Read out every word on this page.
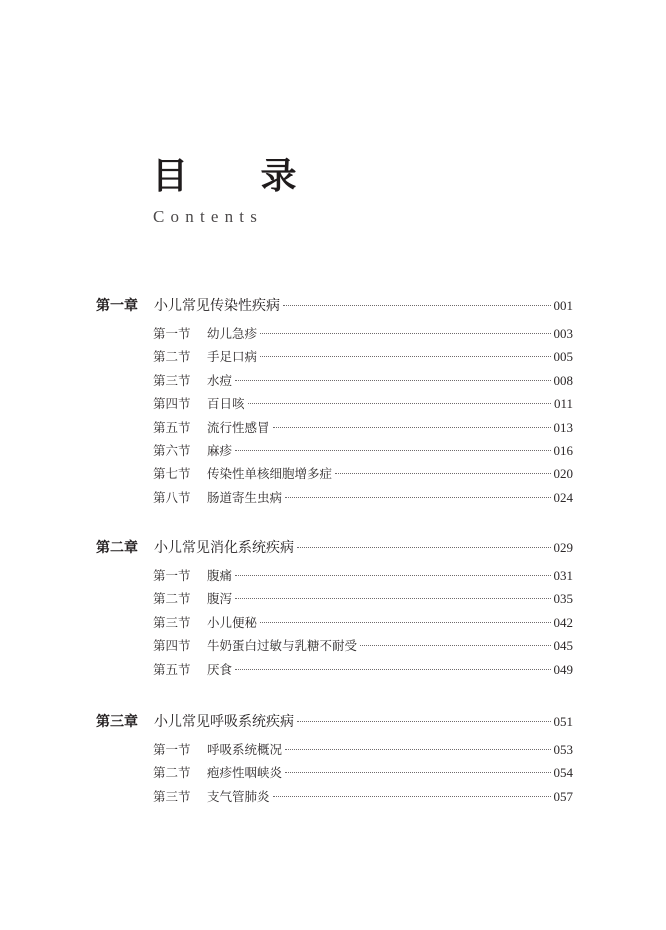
目 录
Contents
第一章	小儿常见传染性疾病	001
第一节	幼儿急疹	003
第二节	手足口病	005
第三节	水痘	008
第四节	百日咳	011
第五节	流行性感冒	013
第六节	麻疹	016
第七节	传染性单核细胞增多症	020
第八节	肠道寄生虫病	024
第二章	小儿常见消化系统疾病	029
第一节	腹痛	031
第二节	腹泻	035
第三节	小儿便秘	042
第四节	牛奶蛋白过敏与乳糖不耐受	045
第五节	厌食	049
第三章	小儿常见呼吸系统疾病	051
第一节	呼吸系统概况	053
第二节	疱疹性咽峡炎	054
第三节	支气管肺炎	057
